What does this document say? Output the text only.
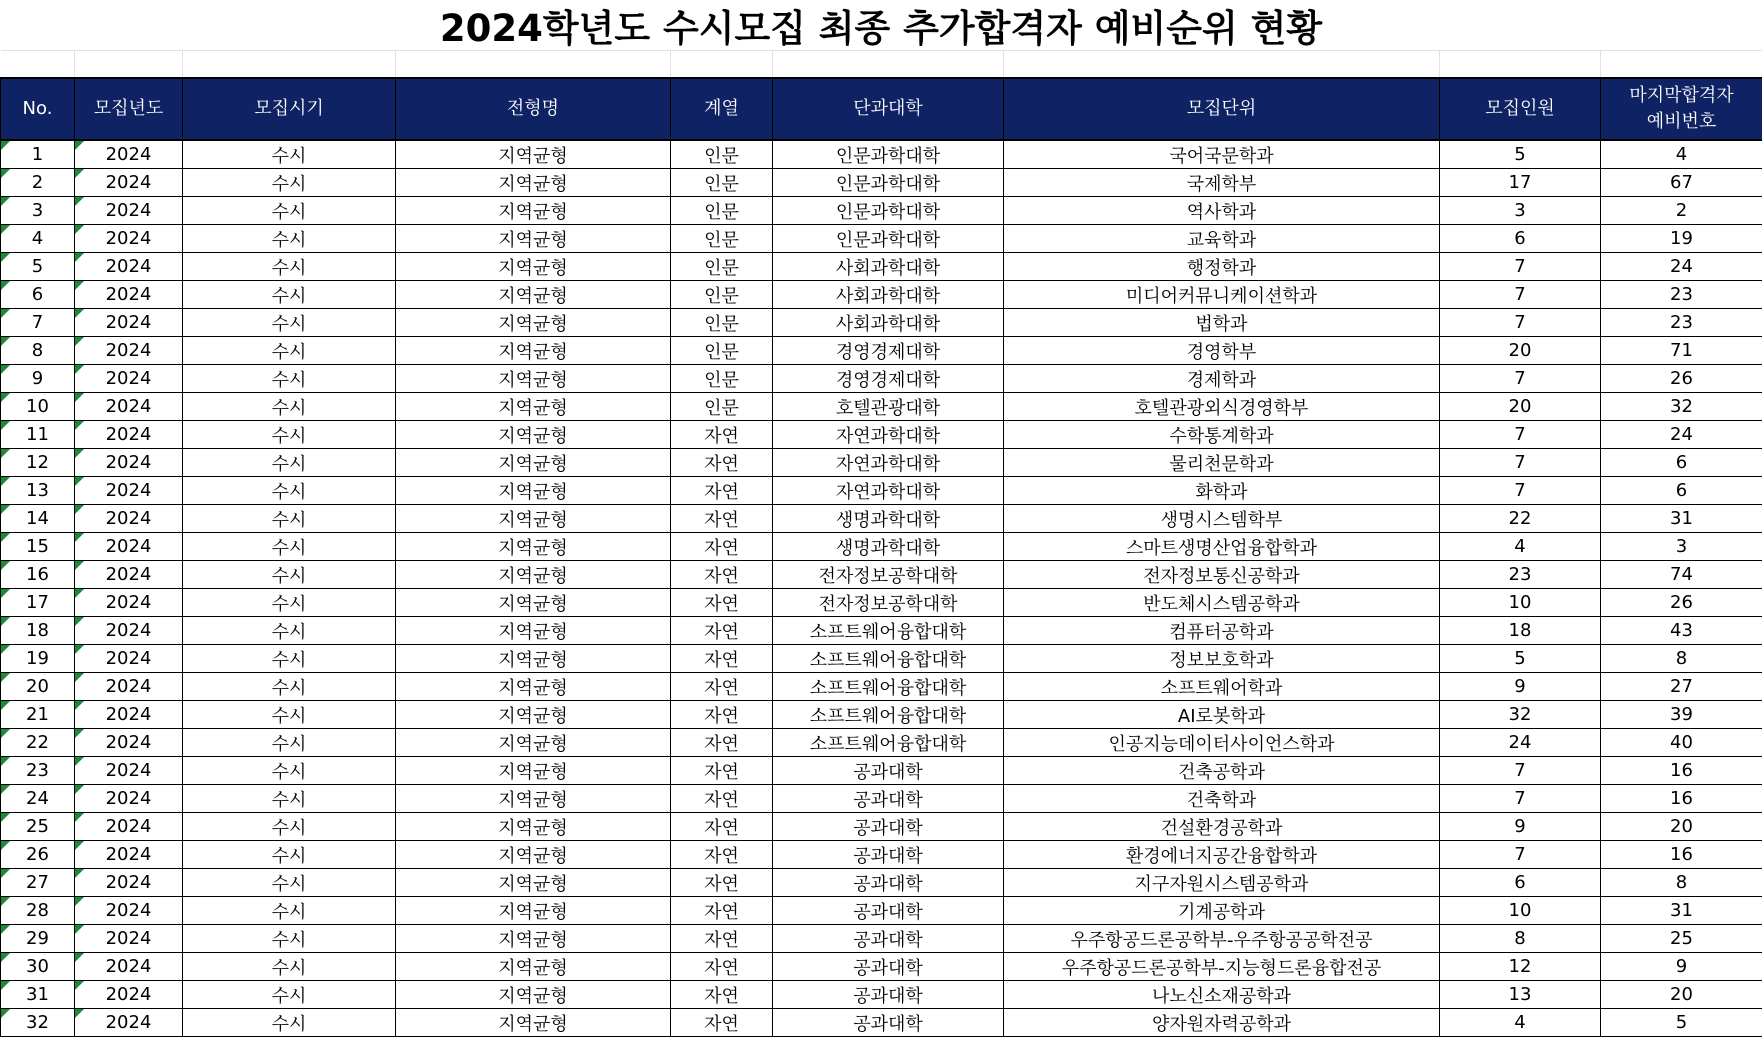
2024학년도 수시모집 최종 추가합격자 예비순위 현황

No.	모집년도	모집시기	전형명	계열	단과대학	모집단위	모집인원	마지막합격자
예비번호

1	2024	수시	지역균형	인문	인문과학대학	국어국문학과	5	4
2	2024	수시	지역균형	인문	인문과학대학	국제학부	17	67
3	2024	수시	지역균형	인문	인문과학대학	역사학과	3	2
4	2024	수시	지역균형	인문	인문과학대학	교육학과	6	19
5	2024	수시	지역균형	인문	사회과학대학	행정학과	7	24
6	2024	수시	지역균형	인문	사회과학대학	미디어커뮤니케이션학과	7	23
7	2024	수시	지역균형	인문	사회과학대학	법학과	7	23
8	2024	수시	지역균형	인문	경영경제대학	경영학부	20	71
9	2024	수시	지역균형	인문	경영경제대학	경제학과	7	26
10	2024	수시	지역균형	인문	호텔관광대학	호텔관광외식경영학부	20	32
11	2024	수시	지역균형	자연	자연과학대학	수학통계학과	7	24
12	2024	수시	지역균형	자연	자연과학대학	물리천문학과	7	6
13	2024	수시	지역균형	자연	자연과학대학	화학과	7	6
14	2024	수시	지역균형	자연	생명과학대학	생명시스템학부	22	31
15	2024	수시	지역균형	자연	생명과학대학	스마트생명산업융합학과	4	3
16	2024	수시	지역균형	자연	전자정보공학대학	전자정보통신공학과	23	74
17	2024	수시	지역균형	자연	전자정보공학대학	반도체시스템공학과	10	26
18	2024	수시	지역균형	자연	소프트웨어융합대학	컴퓨터공학과	18	43
19	2024	수시	지역균형	자연	소프트웨어융합대학	정보보호학과	5	8
20	2024	수시	지역균형	자연	소프트웨어융합대학	소프트웨어학과	9	27
21	2024	수시	지역균형	자연	소프트웨어융합대학	AI로봇학과	32	39
22	2024	수시	지역균형	자연	소프트웨어융합대학	인공지능데이터사이언스학과	24	40
23	2024	수시	지역균형	자연	공과대학	건축공학과	7	16
24	2024	수시	지역균형	자연	공과대학	건축학과	7	16
25	2024	수시	지역균형	자연	공과대학	건설환경공학과	9	20
26	2024	수시	지역균형	자연	공과대학	환경에너지공간융합학과	7	16
27	2024	수시	지역균형	자연	공과대학	지구자원시스템공학과	6	8
28	2024	수시	지역균형	자연	공과대학	기계공학과	10	31
29	2024	수시	지역균형	자연	공과대학	우주항공드론공학부-우주항공공학전공	8	25
30	2024	수시	지역균형	자연	공과대학	우주항공드론공학부-지능형드론융합전공	12	9
31	2024	수시	지역균형	자연	공과대학	나노신소재공학과	13	20
32	2024	수시	지역균형	자연	공과대학	양자원자력공학과	4	5
